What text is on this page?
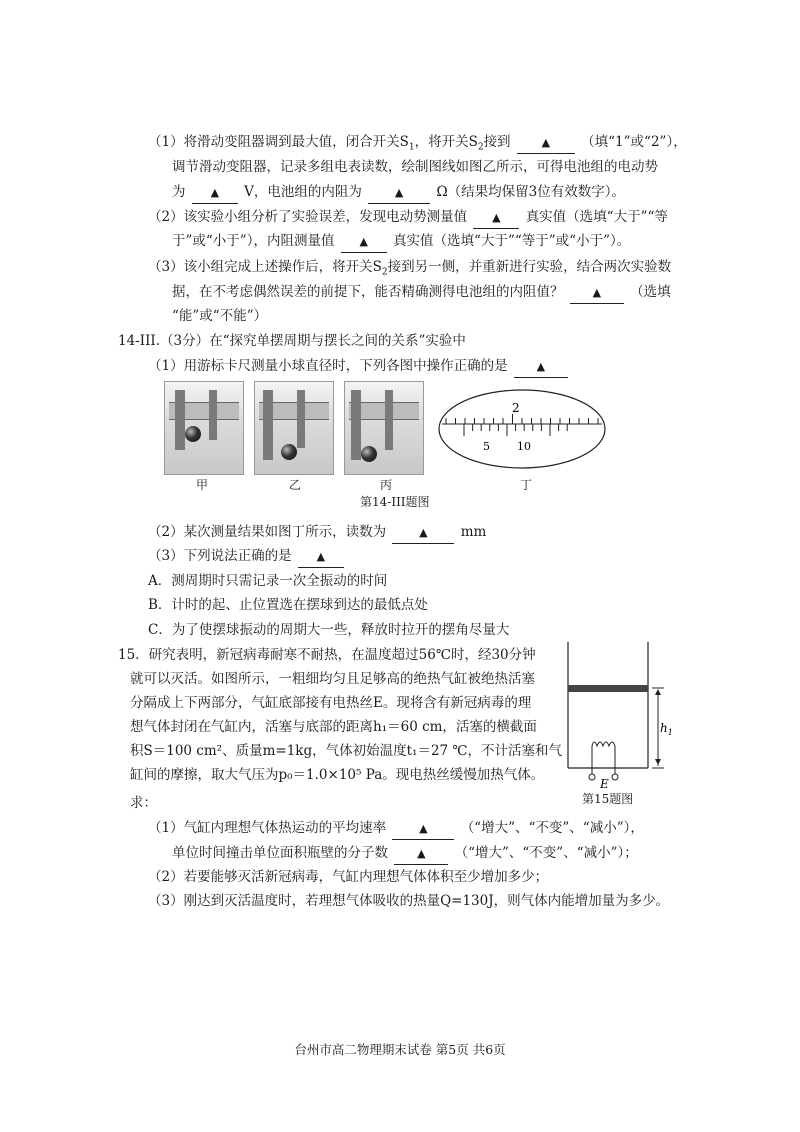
（1）将滑动变阻器调到最大值，闭合开关$S_1$，将开关$S_2$接到	▲ （填“1”或“2”），
调节滑动变阻器，记录多组电表读数，绘制图线如图乙所示，可得电池组的电动势
为 ▲ V，电池组的内阻为	▲ Ω（结果均保留3位有效数字）。
（2）该实验小组分析了实验误差，发现电动势测量值 ▲ 真实值（选填“大于”“等
于”或“小于”），内阻测量值 ▲ 真实值（选填“大于”“等于”或“小于”）。
（3）该小组完成上述操作后，将开关$S_2$接到另一侧，并重新进行实验，结合两次实验数
据，在不考虑偶然误差的前提下，能否精确测得电池组的内阻值？	▲ （选填
“能”或“不能”）
14-III.（3分）在“探究单摆周期与摆长之间的关系”实验中
（1）用游标卡尺测量小球直径时，下列各图中操作正确的是	▲
甲	乙	丙	丁
2
5 10
第14-III题图
（2）某次测量结果如图丁所示，读数为	▲ mm
（3）下列说法正确的是 ▲
A．测周期时只需记录一次全振动的时间
B．计时的起、止位置选在摆球到达的最低点处
C．为了使摆球振动的周期大一些，释放时拉开的摆角尽量大
15．研究表明，新冠病毒耐寒不耐热，在温度超过56℃时，经30分钟
就可以灭活。如图所示，一粗细均匀且足够高的绝热气缸被绝热活塞
分隔成上下两部分，气缸底部接有电热丝E。现将含有新冠病毒的理
想气体封闭在气缸内，活塞与底部的距离h₁＝60 cm，活塞的横截面
积S＝100 cm²、质量m=1kg，气体初始温度t₁＝27 ℃，不计活塞和气
缸间的摩擦，取大气压为p₀＝1.0×10⁵ Pa。现电热丝缓慢加热气体。
求：
E
$h_1$
第15题图
（1）气缸内理想气体热运动的平均速率	▲ （“增大”、“不变”、“减小”），
单位时间撞击单位面积瓶壁的分子数	▲ （“增大”、“不变”、“减小”）；
（2）若要能够灭活新冠病毒，气缸内理想气体体积至少增加多少；
（3）刚达到灭活温度时，若理想气体吸收的热量Q=130J，则气体内能增加量为多少。
台州市高二物理期末试卷 第5页 共6页
